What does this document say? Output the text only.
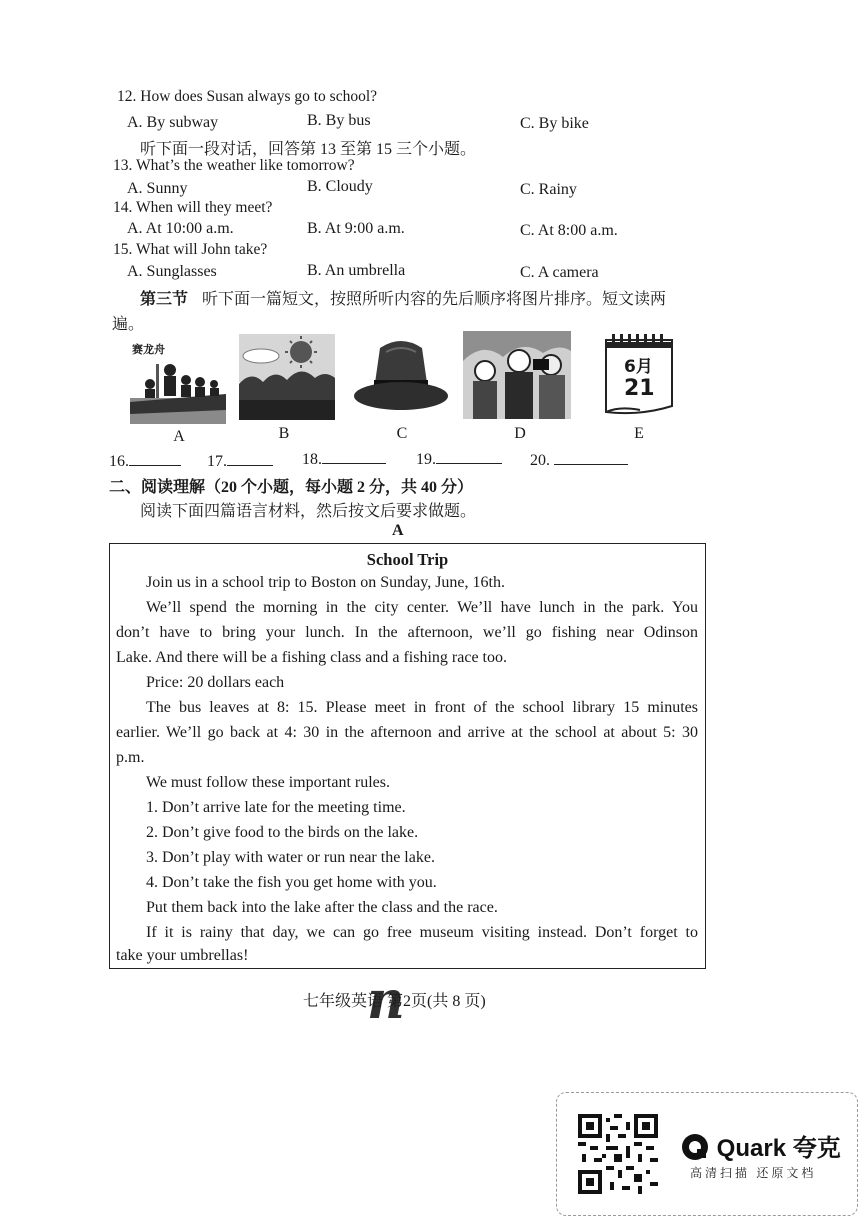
12. How does Susan always go to school?
A. By subway	B. By bus	C. By bike
听下面一段对话，回答第 13 至第 15 三个小题。
13. What’s the weather like tomorrow?
A. Sunny	B. Cloudy	C. Rainy
14. When will they meet?
A. At 10:00 a.m.	B. At 9:00 a.m.	C. At 8:00 a.m.
15. What will John take?
A. Sunglasses	B. An umbrella	C. A camera
第三节 听下面一篇短文，按照所听内容的先后顺序将图片排序。短文读两
遍。
赛龙舟
6月
21
A	B	C	D	E
16.	17.	18.	19.	20.
二、阅读理解（20 个小题，每小题 2 分，共 40 分）
阅读下面四篇语言材料，然后按文后要求做题。
A
School Trip
Join us in a school trip to Boston on Sunday, June, 16th.
We’ll spend the morning in the city center. We’ll have lunch in the park. You
don’t have to bring your lunch. In the afternoon, we’ll go fishing near Odinson
Lake. And there will be a fishing class and a fishing race too.
Price: 20 dollars each
The bus leaves at 8: 15. Please meet in front of the school library 15 minutes
earlier. We’ll go back at 4: 30 in the afternoon and arrive at the school at about 5: 30
p.m.
We must follow these important rules.
1. Don’t arrive late for the meeting time.
2. Don’t give food to the birds on the lake.
3. Don’t play with water or run near the lake.
4. Don’t take the fish you get home with you.
Put them back into the lake after the class and the race.
If it is rainy that day, we can go free museum visiting instead. Don’t forget to
take your umbrellas!
n
七年级英语 第2页(共 8 页)
Quark 夸克
高清扫描 还原文档
